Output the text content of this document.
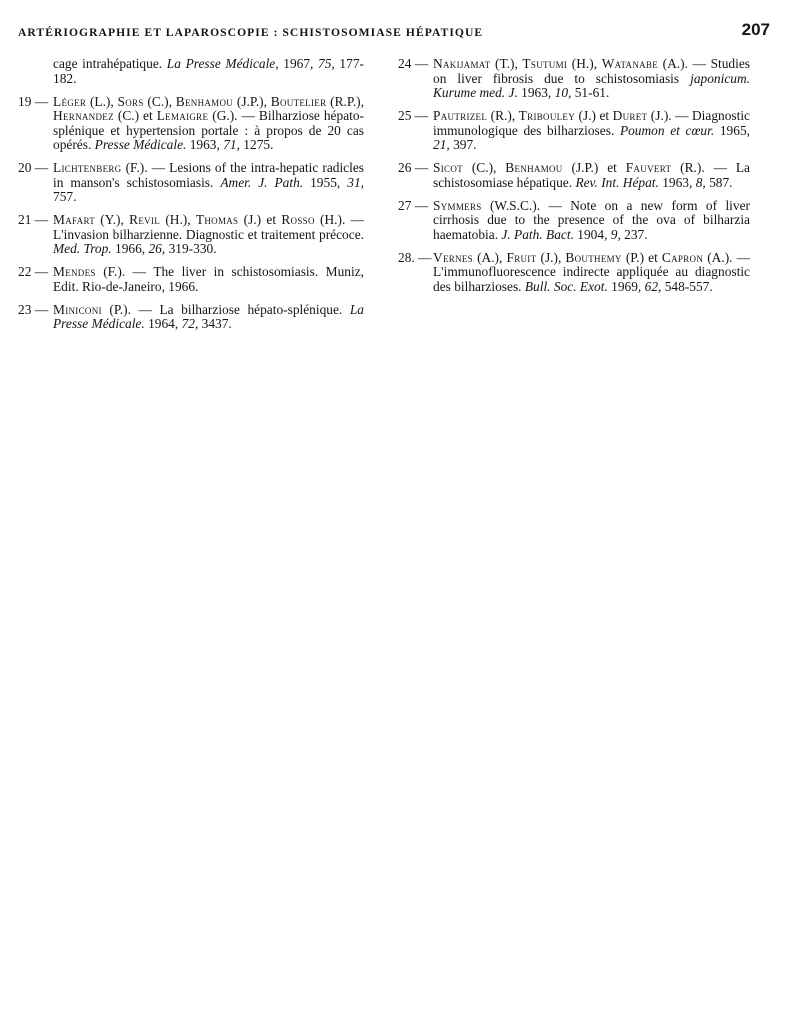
ARTÉRIOGRAPHIE ET LAPAROSCOPIE : SCHISTOSOMIASE HÉPATIQUE	207
cage intrahépatique. La Presse Médicale, 1967, 75, 177-182.
19 — Léger (L.), Sors (C.), Benhamou (J.P.), Boutelier (R.P.), Hernandez (C.) et Lemaigre (G.). — Bilharziose hépato-splénique et hypertension portale : à propos de 20 cas opérés. Presse Médicale. 1963, 71, 1275.
20 — Lichtenberg (F.). — Lesions of the intra-hepatic radicles in manson's schistosomiasis. Amer. J. Path. 1955, 31, 757.
21 — Mafart (Y.), Revil (H.), Thomas (J.) et Rosso (H.). — L'invasion bilharzienne. Diagnostic et traitement précoce. Med. Trop. 1966, 26, 319-330.
22 — Mendes (F.). — The liver in schistosomiasis. Muniz, Edit. Rio-de-Janeiro, 1966.
23 — Miniconi (P.). — La bilharziose hépato-splénique. La Presse Médicale. 1964, 72, 3437.
24 — Nakijamat (T.), Tsutumi (H.), Watanabe (A.). — Studies on liver fibrosis due to schistosomiasis japonicum. Kurume med. J. 1963, 10, 51-61.
25 — Pautrizel (R.), Tribouley (J.) et Duret (J.). — Diagnostic immunologique des bilharzioses. Poumon et cœur. 1965, 21, 397.
26 — Sicot (C.), Benhamou (J.P.) et Fauvert (R.). — La schistosomiase hépatique. Rev. Int. Hépat. 1963, 8, 587.
27 — Symmers (W.S.C.). — Note on a new form of liver cirrhosis due to the presence of the ova of bilharzia haematobia. J. Path. Bact. 1904, 9, 237.
28. — Vernes (A.), Fruit (J.), Bouthemy (P.) et Capron (A.). — L'immunofluorescence indirecte appliquée au diagnostic des bilharzioses. Bull. Soc. Exot. 1969, 62, 548-557.
